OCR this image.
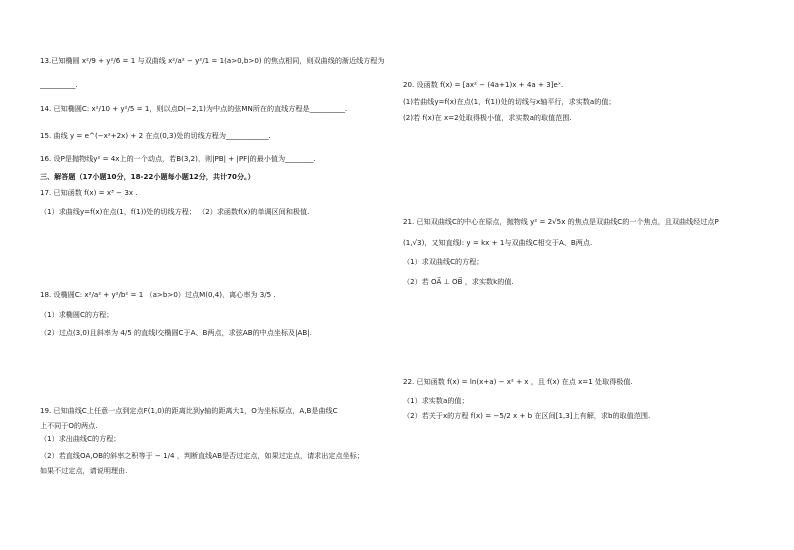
13.已知椭圆 x²/9 + y²/6 = 1 与双曲线 x²/a² − y²/1 = 1(a>0,b>0) 的焦点相同，则双曲线的渐近线方程为
__________.
14. 已知椭圆C: x²/10 + y²/5 = 1，则以点D(−2,1)为中点的弦MN所在的直线方程是__________.
15. 曲线 y = e^(−x²+2x) + 2 在点(0,3)处的切线方程为____________.
16. 设P是抛物线y² = 4x上的一个动点，若B(3,2)，则|PB| + |PF|的最小值为________.
三、解答题（17小题10分，18-22小题每小题12分，共计70分。）
17. 已知函数 f(x) = x³ − 3x .
（1）求曲线y=f(x)在点(1，f(1))处的切线方程； （2）求函数f(x)的单调区间和极值.
18. 设椭圆C: x²/a² + y²/b² = 1 （a>b>0）过点M(0,4)，离心率为 3/5 .
（1）求椭圆C的方程；
（2）过点(3,0)且斜率为 4/5 的直线l交椭圆C于A、B两点，求弦AB的中点坐标及|AB|.
19. 已知曲线C上任意一点到定点F(1,0)的距离比到y轴的距离大1，O为坐标原点，A,B是曲线C
上不同于O的两点.
（1）求出曲线C的方程；
（2）若直线OA,OB的斜率之积等于 − 1/4 ，判断直线AB是否过定点，如果过定点，请求出定点坐标；
如果不过定点，请说明理由.
20. 设函数 f(x) = [ax² − (4a+1)x + 4a + 3]eˣ.
(1)若曲线y=f(x)在点(1，f(1))处的切线与x轴平行，求实数a的值；
(2)若 f(x)在 x=2处取得极小值，求实数a的取值范围.
21. 已知双曲线C的中心在原点，抛物线 y² = 2√5x 的焦点是双曲线C的一个焦点，且双曲线经过点P
(1,√3)，又知直线l: y = kx + 1与双曲线C相交于A、B两点.
（1）求双曲线C的方程；
（2）若 OA⃗ ⊥ OB⃗ ，求实数k的值.
22. 已知函数 f(x) = ln(x+a) − x² + x ，且 f(x) 在点 x=1 处取得极值.
（1）求实数a的值；
（2）若关于x的方程 f(x) = −5/2 x + b 在区间[1,3]上有解，求b的取值范围.
